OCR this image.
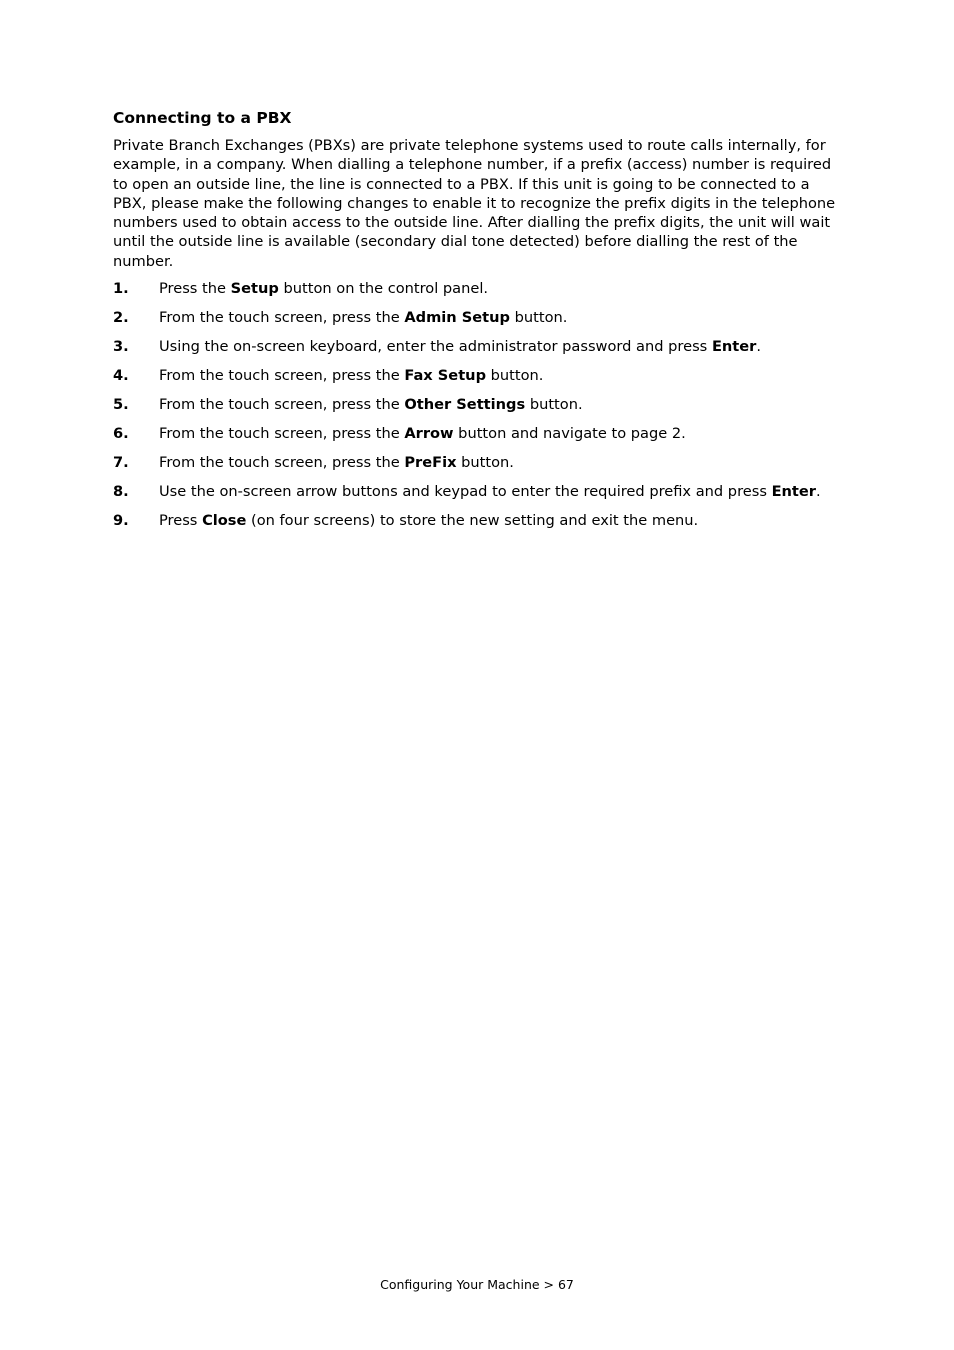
Connecting to a PBX

Private Branch Exchanges (PBXs) are private telephone systems used to route calls internally, for example, in a company. When dialling a telephone number, if a prefix (access) number is required to open an outside line, the line is connected to a PBX. If this unit is going to be connected to a PBX, please make the following changes to enable it to recognize the prefix digits in the telephone numbers used to obtain access to the outside line. After dialling the prefix digits, the unit will wait until the outside line is available (secondary dial tone detected) before dialling the rest of the number.

1. Press the Setup button on the control panel.
2. From the touch screen, press the Admin Setup button.
3. Using the on-screen keyboard, enter the administrator password and press Enter.
4. From the touch screen, press the Fax Setup button.
5. From the touch screen, press the Other Settings button.
6. From the touch screen, press the Arrow button and navigate to page 2.
7. From the touch screen, press the PreFix button.
8. Use the on-screen arrow buttons and keypad to enter the required prefix and press Enter.
9. Press Close (on four screens) to store the new setting and exit the menu.
Configuring Your Machine > 67
